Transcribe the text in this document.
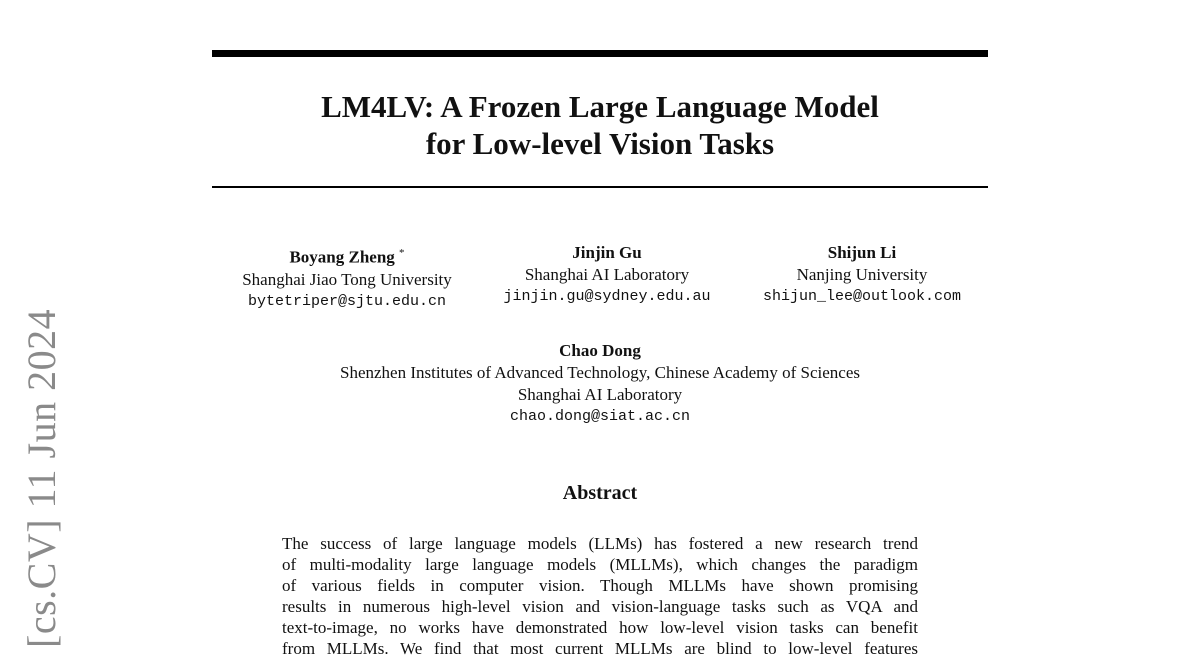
LM4LV: A Frozen Large Language Model
for Low-level Vision Tasks
[cs.CV] 11 Jun 2024
Boyang Zheng *
Shanghai Jiao Tong University
bytetriper@sjtu.edu.cn
Jinjin Gu
Shanghai AI Laboratory
jinjin.gu@sydney.edu.au
Shijun Li
Nanjing University
shijun_lee@outlook.com
Chao Dong
Shenzhen Institutes of Advanced Technology, Chinese Academy of Sciences
Shanghai AI Laboratory
chao.dong@siat.ac.cn
Abstract

The success of large language models (LLMs) has fostered a new research trend
of multi-modality large language models (MLLMs), which changes the paradigm
of various fields in computer vision. Though MLLMs have shown promising
results in numerous high-level vision and vision-language tasks such as VQA and
text-to-image, no works have demonstrated how low-level vision tasks can benefit
from MLLMs. We find that most current MLLMs are blind to low-level features
